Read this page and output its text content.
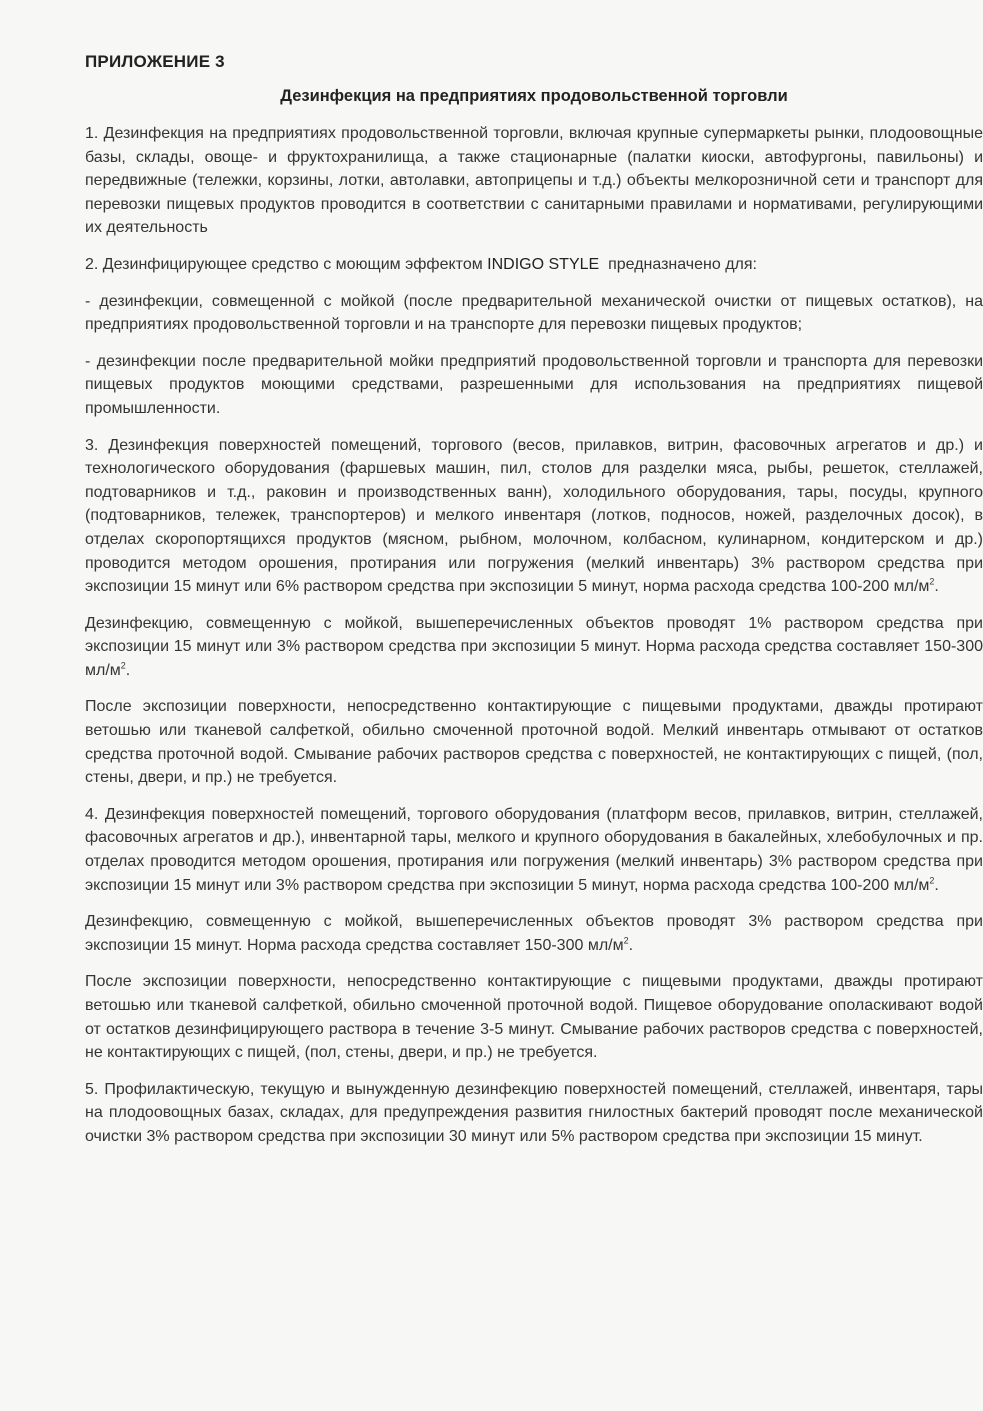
ПРИЛОЖЕНИЕ 3
Дезинфекция на предприятиях продовольственной торговли

1. Дезинфекция на предприятиях продовольственной торговли, включая крупные супермаркеты рынки, плодоовощные базы, склады, овоще- и фруктохранилища, а также стационарные (палатки киоски, автофургоны, павильоны) и передвижные (тележки, корзины, лотки, автолавки, автоприцепы и т.д.) объекты мелкорозничной сети и транспорт для перевозки пищевых продуктов проводится в соответствии с санитарными правилами и нормативами, регулирующими их деятельность

2. Дезинфицирующее средство с моющим эффектом INDIGO STYLE  предназначено для:

- дезинфекции, совмещенной с мойкой (после предварительной механической очистки от пищевых остатков), на предприятиях продовольственной торговли и на транспорте для перевозки пищевых продуктов;

- дезинфекции после предварительной мойки предприятий продовольственной торговли и транспорта для перевозки пищевых продуктов моющими средствами, разрешенными для использования на предприятиях пищевой промышленности.

3. Дезинфекция поверхностей помещений, торгового (весов, прилавков, витрин, фасовочных агрегатов и др.) и технологического оборудования (фаршевых машин, пил, столов для разделки мяса, рыбы, решеток, стеллажей, подтоварников и т.д., раковин и производственных ванн), холодильного оборудования, тары, посуды, крупного (подтоварников, тележек, транспортеров) и мелкого инвентаря (лотков, подносов, ножей, разделочных досок), в отделах скоропортящихся продуктов (мясном, рыбном, молочном, колбасном, кулинарном, кондитерском и др.) проводится методом орошения, протирания или погружения (мелкий инвентарь) 3% раствором средства при экспозиции 15 минут или 6% раствором средства при экспозиции 5 минут, норма расхода средства 100-200 $мл/м^2$.

Дезинфекцию, совмещенную с мойкой, вышеперечисленных объектов проводят 1% раствором средства при экспозиции 15 минут или 3% раствором средства при экспозиции 5 минут. Норма расхода средства составляет 150-300 $мл/м^2$.

После экспозиции поверхности, непосредственно контактирующие с пищевыми продуктами, дважды протирают ветошью или тканевой салфеткой, обильно смоченной проточной водой. Мелкий инвентарь отмывают от остатков средства проточной водой. Смывание рабочих растворов средства с поверхностей, не контактирующих с пищей, (пол, стены, двери, и пр.) не требуется.

4. Дезинфекция поверхностей помещений, торгового оборудования (платформ весов, прилавков, витрин, стеллажей, фасовочных агрегатов и др.), инвентарной тары, мелкого и крупного оборудования в бакалейных, хлебобулочных и пр. отделах проводится методом орошения, протирания или погружения (мелкий инвентарь) 3% раствором средства при экспозиции 15 минут или 3% раствором средства при экспозиции 5 минут, норма расхода средства 100-200 $мл/м^2$.

Дезинфекцию, совмещенную с мойкой, вышеперечисленных объектов проводят 3% раствором средства при экспозиции 15 минут. Норма расхода средства составляет 150-300 $мл/м^2$.

После экспозиции поверхности, непосредственно контактирующие с пищевыми продуктами, дважды протирают ветошью или тканевой салфеткой, обильно смоченной проточной водой. Пищевое оборудование ополаскивают водой от остатков дезинфицирующего раствора в течение 3-5 минут. Смывание рабочих растворов средства с поверхностей, не контактирующих с пищей, (пол, стены, двери, и пр.) не требуется.

5. Профилактическую, текущую и вынужденную дезинфекцию поверхностей помещений, стеллажей, инвентаря, тары на плодоовощных базах, складах, для предупреждения развития гнилостных бактерий проводят после механической очистки 3% раствором средства при экспозиции 30 минут или 5% раствором средства при экспозиции 15 минут.
